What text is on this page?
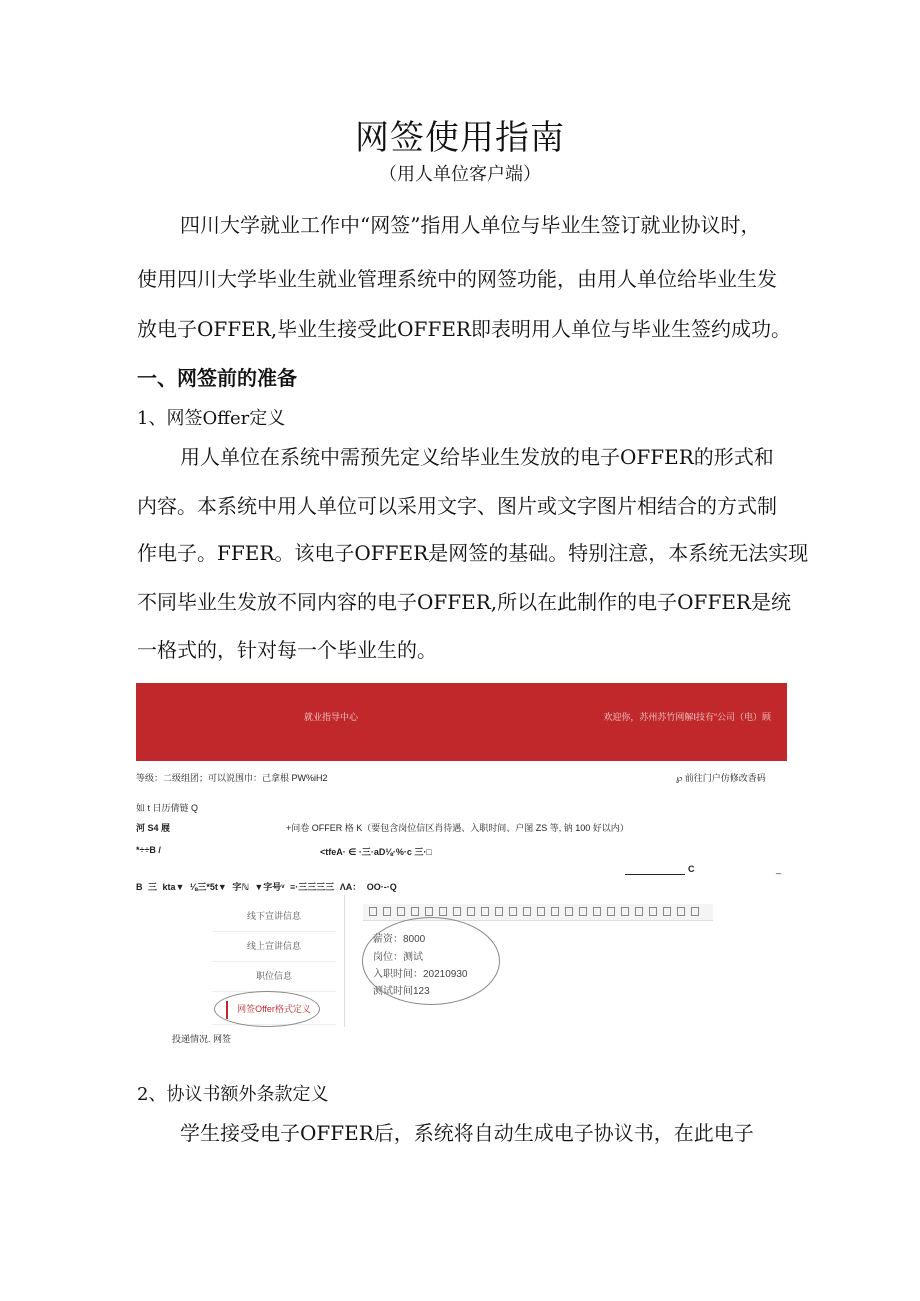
网签使用指南
（用人单位客户端）
四川大学就业工作中“网签”指用人单位与毕业生签订就业协议时，
使用四川大学毕业生就业管理系统中的网签功能，由用人单位给毕业生发
放电子OFFER,毕业生接受此OFFER即表明用人单位与毕业生签约成功。
一、网签前的准备
1、网签Offer定义
用人单位在系统中需预先定义给毕业生发放的电子OFFER的形式和
内容。本系统中用人单位可以采用文字、图片或文字图片相结合的方式制
作电子。FFER。该电子OFFER是网签的基础。特别注意，本系统无法实现
不同毕业生发放不同内容的电子OFFER,所以在此制作的电子OFFER是统
一格式的，针对每一个毕业生的。
就业指导中心	欢迎你，苏州苏竹网解Ⅰ技有“公司（电）顾
等级：二级组团；可以说围巾：己拿根 PW%iH2	℘ 前往门户仿修改香码
如 t 日历倩链 Q
河 S4 屐	+问卷 OFFER 格 K（要包含岗位信区肖待遇、入职时间、户图 ZS 等, 钠 100 好以内）
*÷÷B /	<tfeA· ∈ ·三·aD⅛·%·c 三·□
C	_
B 三 kta▼ ⅛三*5t▼ 字ℕ ▼字号ᵛ ≡·三三三三 ΛA： OO·-·Q
线下宣讲信息
线上宣讲信息
职位信息
网签Offer格式定义
薪资：8000
岗位：测试
入职时间：20210930
测试时间123
投递情况. 网签
2、协议书额外条款定义
学生接受电子OFFER后，系统将自动生成电子协议书，在此电子
